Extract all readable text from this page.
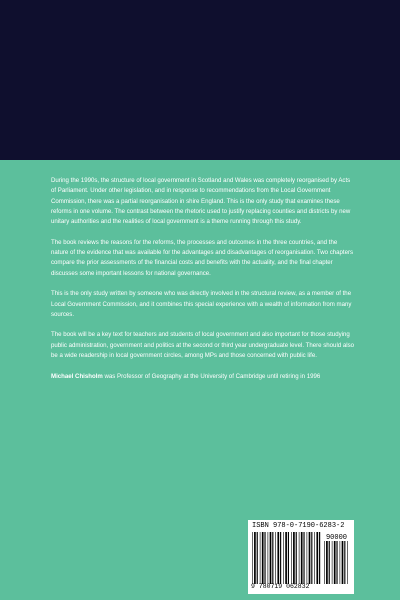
During the 1990s, the structure of local government in Scotland and Wales was completely reorganised by Acts of Parliament. Under other legislation, and in response to recommendations from the Local Government Commission, there was a partial reorganisation in shire England. This is the only study that examines these reforms in one volume. The contrast between the rhetoric used to justify replacing counties and districts by new unitary authorities and the realities of local government is a theme running through this study.

The book reviews the reasons for the reforms, the processes and outcomes in the three countries, and the nature of the evidence that was available for the advantages and disadvantages of reorganisation. Two chapters compare the prior assessments of the financial costs and benefits with the actuality, and the final chapter discusses some important lessons for national governance.

This is the only study written by someone who was directly involved in the structural review, as a member of the Local Government Commission, and it combines this special experience with a wealth of information from many sources.

The book will be a key text for teachers and students of local government and also important for those studying public administration, government and politics at the second or third year undergraduate level. There should also be a wide readership in local government circles, among MPs and those concerned with public life.

Michael Chisholm was Professor of Geography at the University of Cambridge until retiring in 1996

ISBN 978-0-7190-6283-2
90000
9 780719 062832
